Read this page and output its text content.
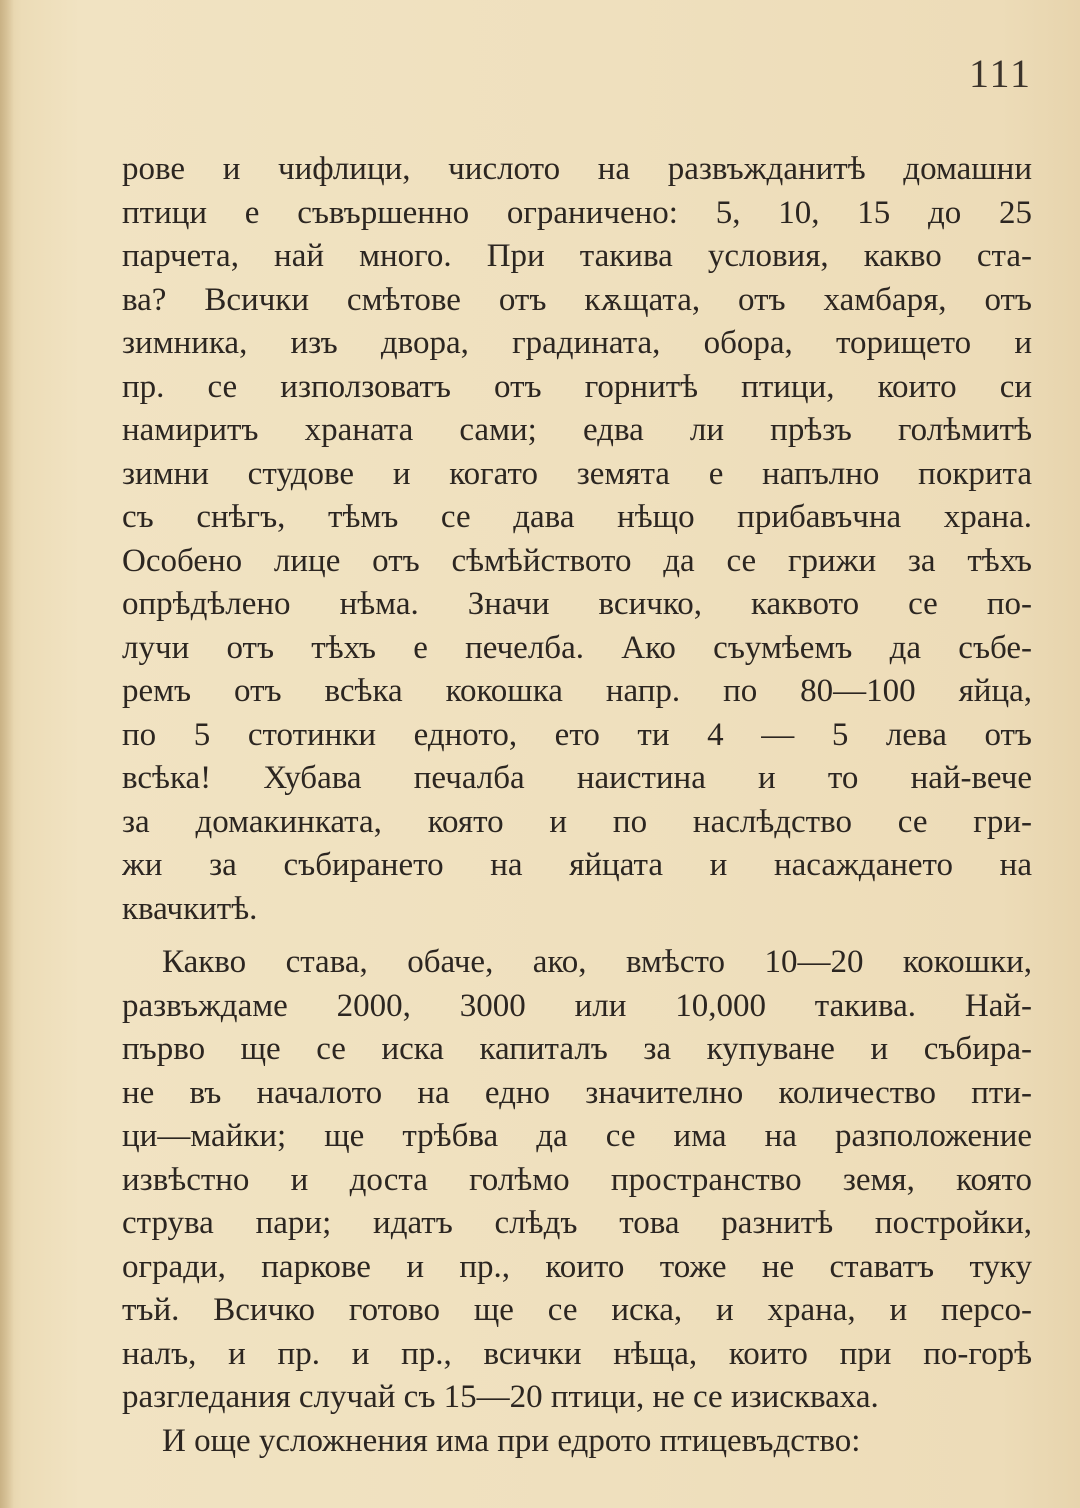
111
рове и чифлици, числото на развъжданитѣ домашни
птици е съвършенно ограничено: 5, 10, 15 до 25
парчета, най много. При такива условия, какво ста-
ва? Всички смѣтове отъ кѫщата, отъ хамбаря, отъ
зимника, изъ двора, градината, обора, торището и
пр. се използоватъ отъ горнитѣ птици, които си
намиритъ храната сами; едва ли прѣзъ голѣмитѣ
зимни студове и когато земята е напълно покрита
съ снѣгъ, тѣмъ се дава нѣщо прибавъчна храна.
Особено лице отъ сѣмѣйството да се грижи за тѣхъ
опрѣдѣлено нѣма. Значи всичко, каквото се по-
лучи отъ тѣхъ е печелба. Ако съумѣемъ да събе-
ремъ отъ всѣка кокошка напр. по 80—100 яйца,
по 5 стотинки едното, ето ти 4 — 5 лева отъ
всѣка! Хубава печалба наистина и то най-вече
за домакинката, която и по наслѣдство се гри-
жи за събирането на яйцата и насаждането на
квачкитѣ.
Какво става, обаче, ако, вмѣсто 10—20 кокошки,
развъждаме 2000, 3000 или 10,000 такива. Най-
първо ще се иска капиталъ за купуване и събира-
не въ началото на едно значително количество пти-
ци—майки; ще трѣбва да се има на разположение
извѣстно и доста голѣмо пространство земя, която
струва пари; идатъ слѣдъ това разнитѣ постройки,
огради, паркове и пр., които тоже не ставатъ туку
тъй. Всичко готово ще се иска, и храна, и персо-
налъ, и пр. и пр., всички нѣща, които при по-горѣ
разгледания случай съ 15—20 птици, не се изискваха.
И още усложнения има при едрото птицевъдство:
